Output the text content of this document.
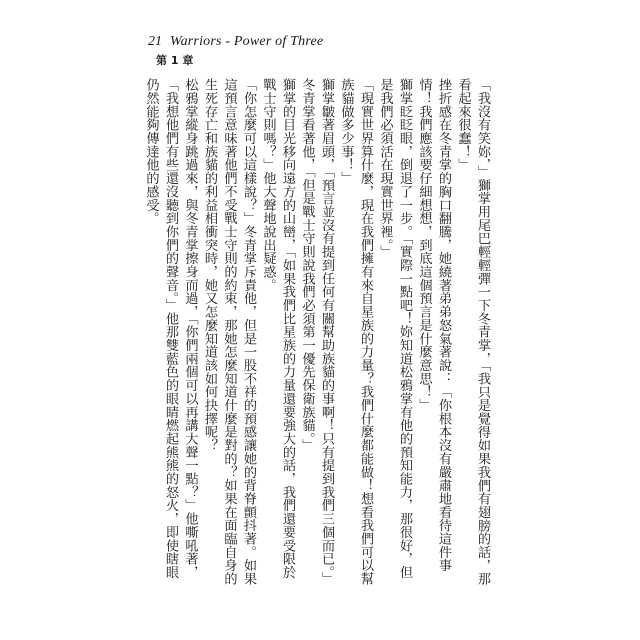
21 Warriors - Power of Three
第 1 章

「我沒有笑妳，」獅掌用尾巴輕輕彈一下冬青掌，「我只是覺得如果我們有翅膀的話，那看起來很蠢！」

挫折感在冬青掌的胸口翻騰，她繞著弟弟怒氣著說：「你根本沒有嚴肅地看待這件事情！我們應該要仔細想想，到底這個預言是什麼意思！」

獅掌眨眨眼，倒退了一步。「實際一點吧！妳知道松鴉掌有他的預知能力，那很好，但是我們必須活在現實世界裡。」

「現實世界算什麼，現在我們擁有來自星族的力量？我們什麼都能做！想看我們可以幫族貓做多少事！」

獅掌皺著眉頭，「預言並沒有提到任何有關幫助族貓的事啊！只有提到我們三個而已。」冬青掌看著他，「但是戰士守則說我們必須第一優先保衛族貓。」

獅掌的目光移向遠方的山巒，「如果我們比星族的力量還要強大的話，我們還要受限於戰士守則嗎？」他大聲地說出疑惑。

「你怎麼可以這樣說？」冬青掌斥責他，但是一股不祥的預感讓她的背脊顫抖著。如果這預言意味著他們不受戰士守則的約束，那她怎麼知道什麼是對的？如果在面臨自身的生死存亡和族貓的利益相衝突時，她又怎麼知道該如何抉擇呢？

松鴉掌縱身跳過來，與冬青掌擦身而過，「你們兩個可以再講大聲一點？」他嘶吼著，「我想他們有些還沒聽到你們的聲音。」他那雙藍色的眼睛燃起熊熊的怒火，即使瞎眼仍然能夠傳達他的感受。
